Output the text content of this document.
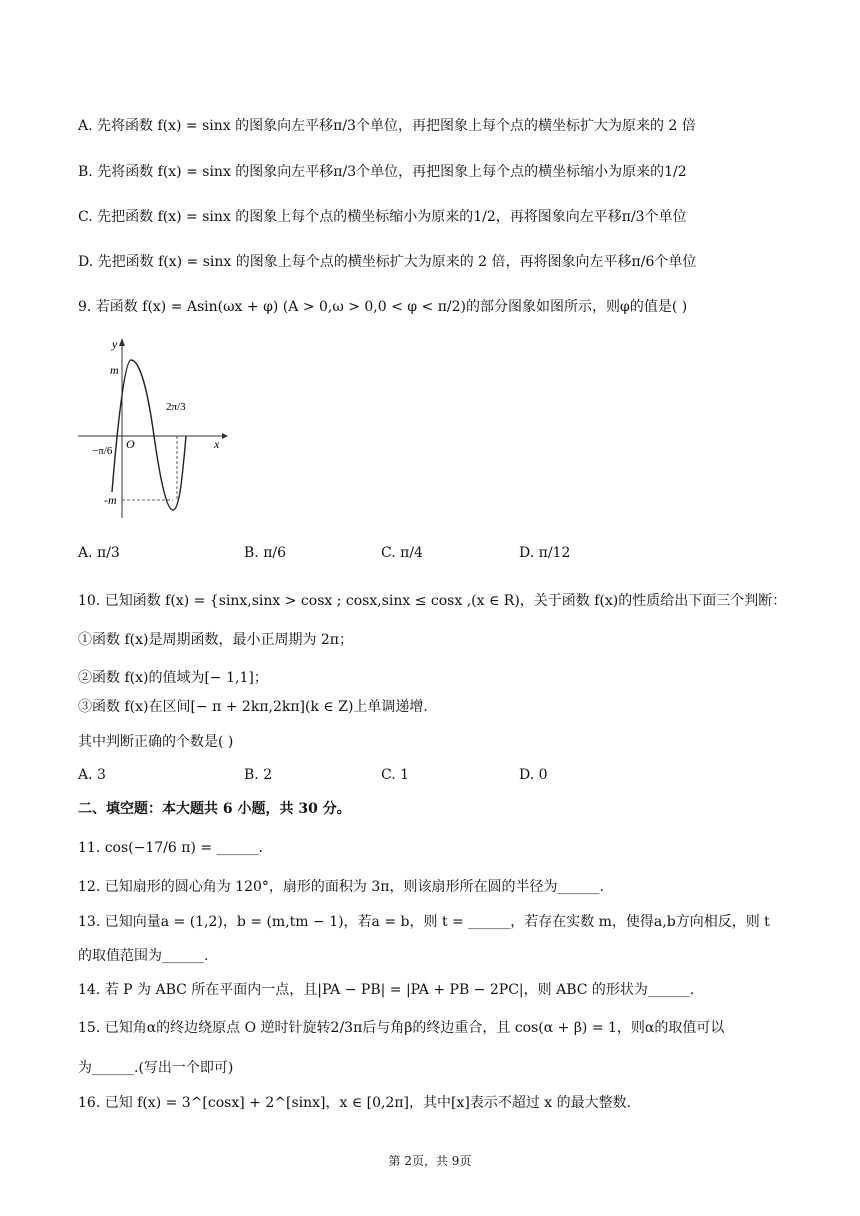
A. 先将函数 f(x) = sinx 的图象向左平移π/3个单位，再把图象上每个点的横坐标扩大为原来的 2 倍
B. 先将函数 f(x) = sinx 的图象向左平移π/3个单位，再把图象上每个点的横坐标缩小为原来的1/2
C. 先把函数 f(x) = sinx 的图象上每个点的横坐标缩小为原来的1/2，再将图象向左平移π/3个单位
D. 先把函数 f(x) = sinx 的图象上每个点的横坐标扩大为原来的 2 倍，再将图象向左平移π/6个单位
9. 若函数 f(x) = Asin(ωx + φ) (A > 0,ω > 0,0 < φ < π/2)的部分图象如图所示，则φ的值是( )
y
x
O
m
-m
−π/6
2π/3
A. π/3	B. π/6	C. π/4	D. π/12
10. 已知函数 f(x) = {sinx,sinx > cosx ; cosx,sinx ≤ cosx ,(x ∈ R)，关于函数 f(x)的性质给出下面三个判断：
①函数 f(x)是周期函数，最小正周期为 2π；
②函数 f(x)的值域为[− 1,1]；
③函数 f(x)在区间[− π + 2kπ,2kπ](k ∈ Z)上单调递增.
其中判断正确的个数是( )
A. 3	B. 2	C. 1	D. 0
二、填空题：本大题共 6 小题，共 30 分。
11. cos(−17/6 π) = ______.
12. 已知扇形的圆心角为 120°，扇形的面积为 3π，则该扇形所在圆的半径为______.
13. 已知向量a = (1,2)，b = (m,tm − 1)，若a = b，则 t = ______，若存在实数 m，使得a,b方向相反，则 t
的取值范围为______.
14. 若 P 为 ABC 所在平面内一点，且|PA − PB| = |PA + PB − 2PC|，则 ABC 的形状为______.
15. 已知角α的终边绕原点 O 逆时针旋转2/3π后与角β的终边重合，且 cos(α + β) = 1，则α的取值可以
为______.(写出一个即可)
16. 已知 f(x) = 3^[cosx] + 2^[sinx]，x ∈ [0,2π]，其中[x]表示不超过 x 的最大整数.
第 2页，共 9页
